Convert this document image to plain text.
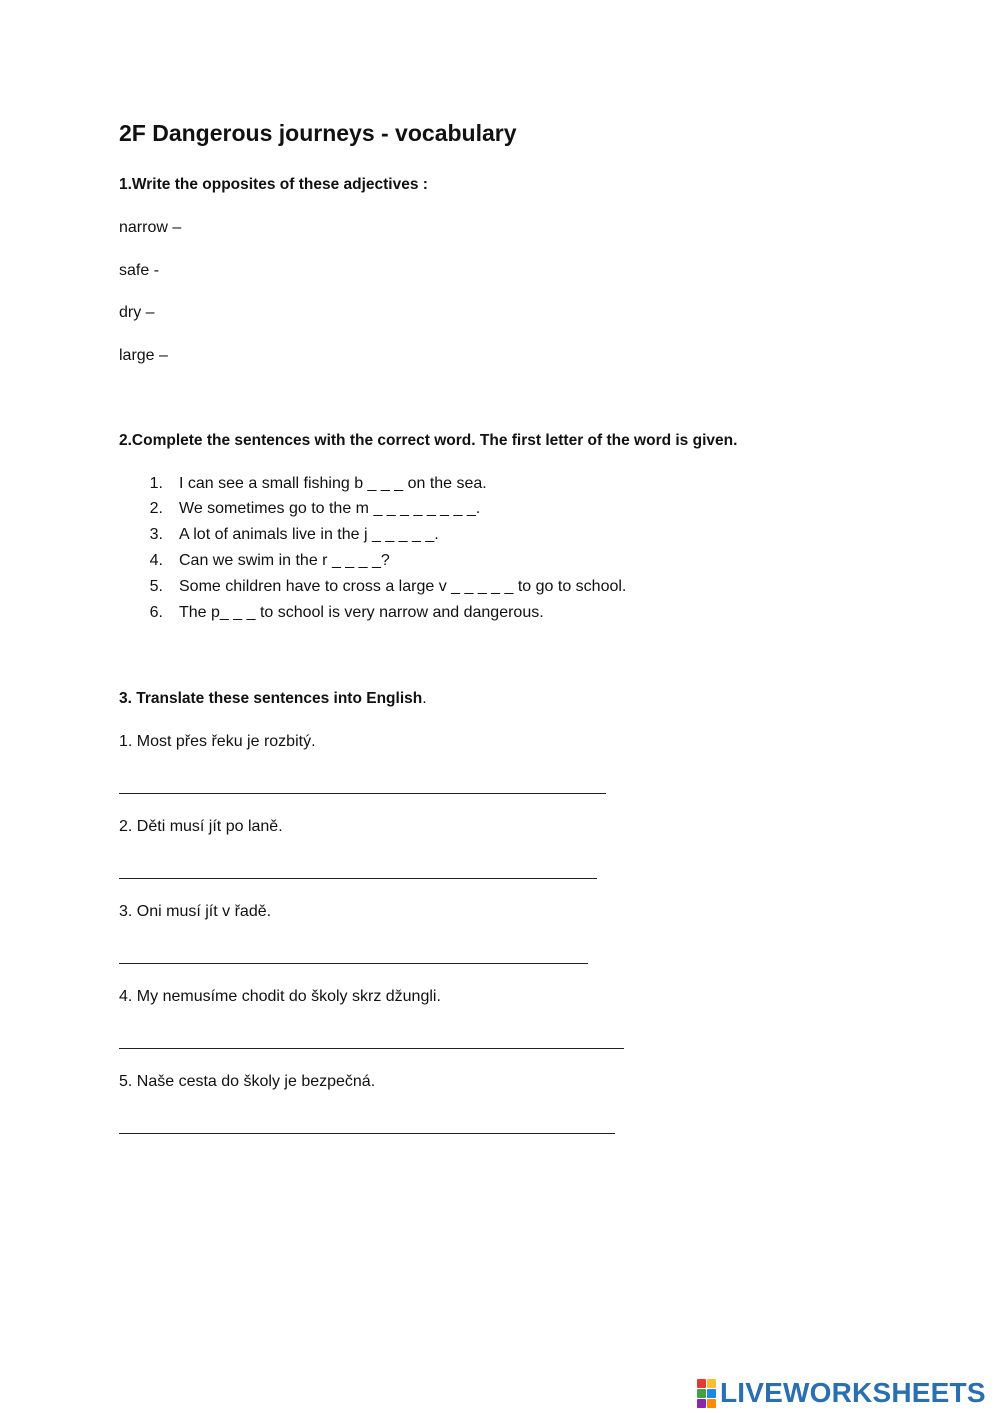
2F Dangerous journeys - vocabulary
1.Write the opposites of these adjectives :
narrow –
safe -
dry –
large –
2.Complete the sentences with the correct word. The first letter of the word is given.
1. I can see a small fishing b _ _ _ on the sea.
2. We sometimes go to the m _ _ _ _ _ _ _ _.
3. A lot of animals live in the j _ _ _ _ _.
4. Can we swim in the r _ _ _ _?
5. Some children have to cross a large v _ _ _ _ _ to go to school.
6. The p_ _ _ to school is very narrow and dangerous.
3. Translate these sentences into English.
1. Most přes řeku je rozbitý.
2. Děti musí jít po laně.
3. Oni musí jít v řadě.
4. My nemusíme chodit do školy skrz džungli.
5. Naše cesta do školy je bezpečná.
LIVEWORKSHEETS
